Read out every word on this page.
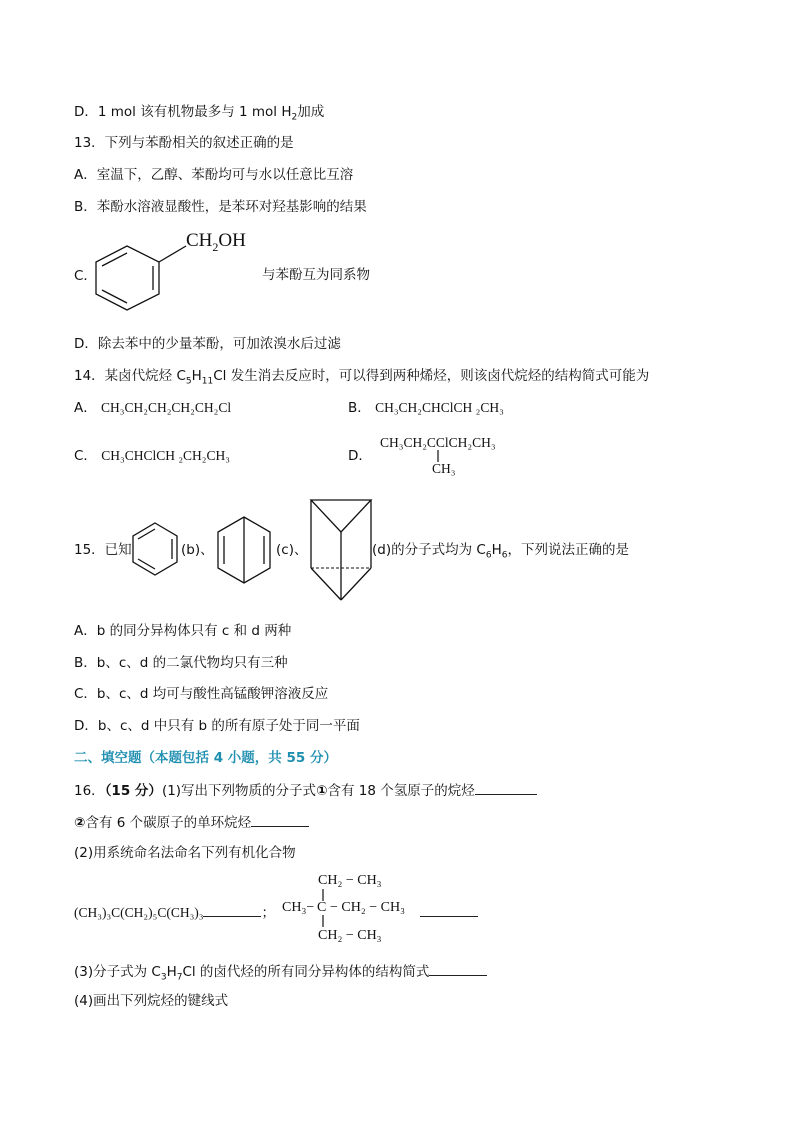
D．1 mol 该有机物最多与 1 mol $H_2$加成
13．下列与苯酚相关的叙述正确的是
A．室温下，乙醇、苯酚均可与水以任意比互溶
B．苯酚水溶液显酸性，是苯环对羟基影响的结果
C．
$CH_2OH$
与苯酚互为同系物
D．除去苯中的少量苯酚，可加浓溴水后过滤
14．某卤代烷烃 $C_5H_{11}Cl$ 发生消去反应时，可以得到两种烯烃，则该卤代烷烃的结构简式可能为
A． CH₃CH₂CH₂CH₂CH₂Cl	B． CH₃CH₂CHClCH ₂CH₃
C． CH₃CHClCH ₂CH₂CH₃	D．
CH₃CH₂CClCH₂CH₃
CH₃
15．已知	(b)、	(c)、	(d)的分子式均为 $C_6H_6$，下列说法正确的是
A．b 的同分异构体只有 c 和 d 两种
B．b、c、d 的二氯代物均只有三种
C．b、c、d 均可与酸性高锰酸钾溶液反应
D．b、c、d 中只有 b 的所有原子处于同一平面
二、填空题（本题包括 4 小题，共 55 分）
16．（15 分）(1)写出下列物质的分子式①含有 18 个氢原子的烷烃
②含有 6 个碳原子的单环烷烃
(2)用系统命名法命名下列有机化合物
(CH₃)₃C(CH₂)₅C(CH₃)₃	；
CH₂ − CH₃
CH₃− C − CH₂ − CH₃
CH₂ − CH₃
(3)分子式为 $C_3H_7Cl$ 的卤代烃的所有同分异构体的结构简式
(4)画出下列烷烃的键线式
